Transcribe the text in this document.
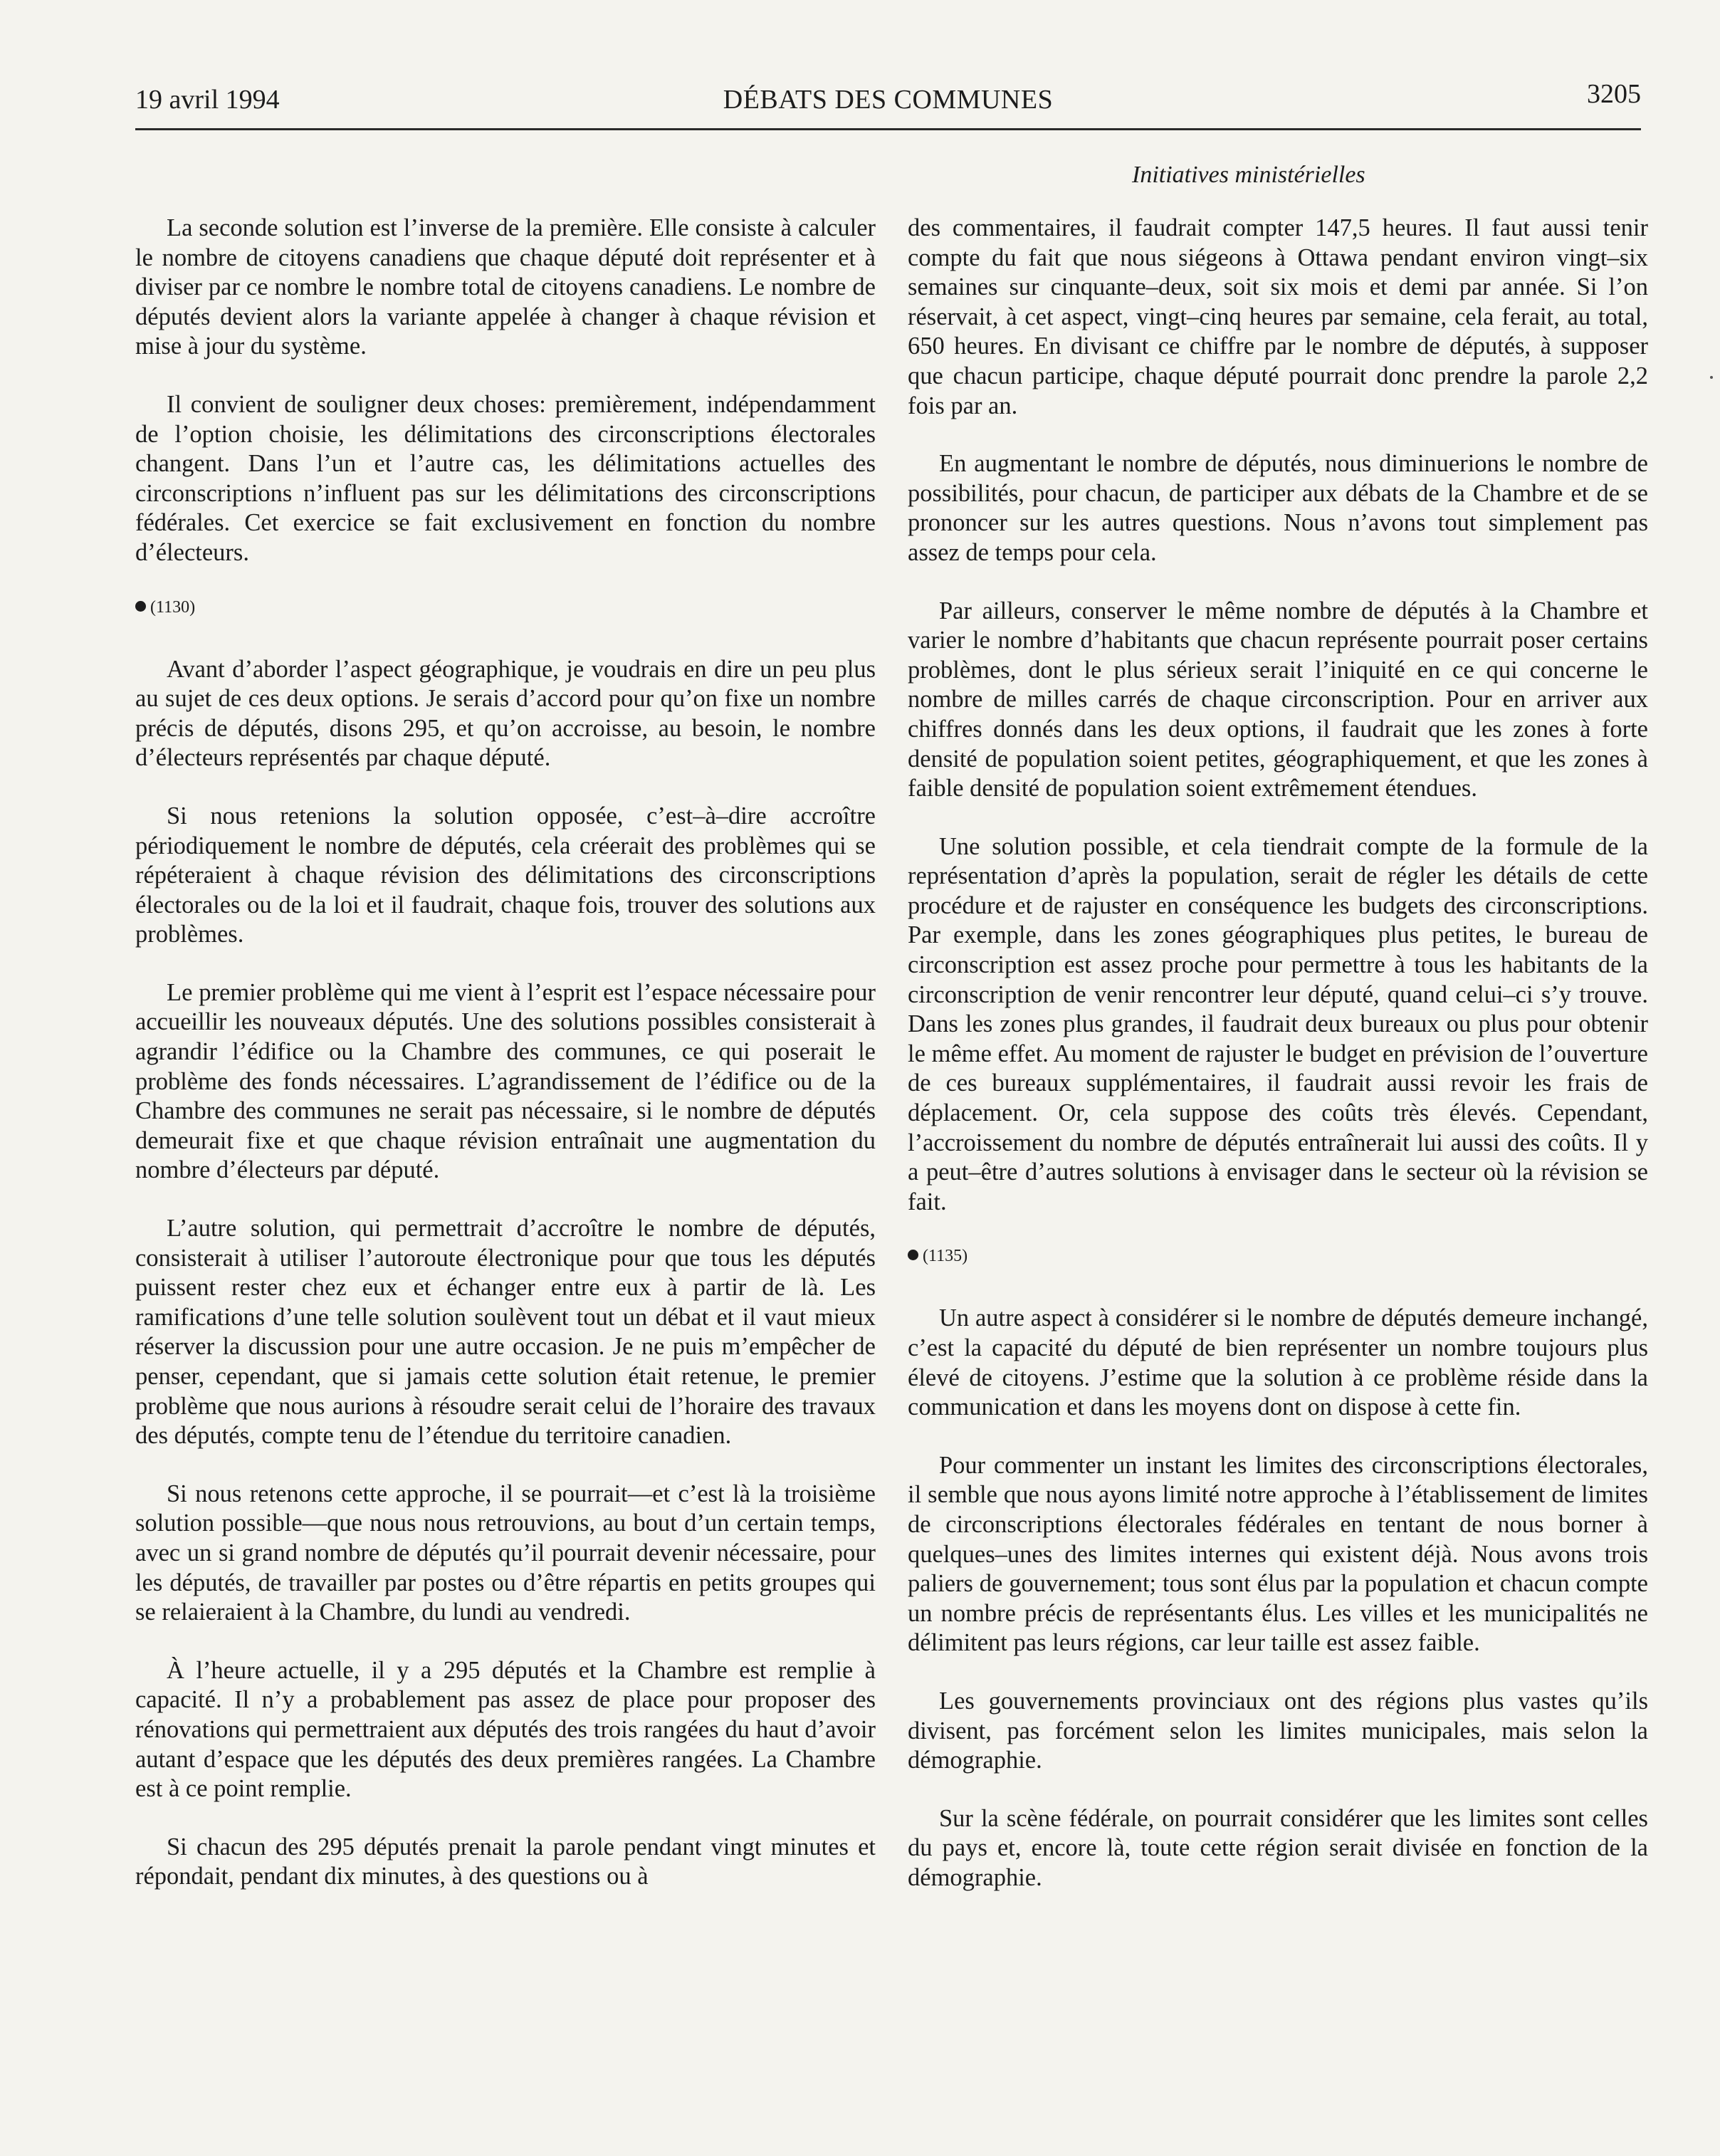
19 avril 1994	DÉBATS DES COMMUNES	3205
Initiatives ministérielles

La seconde solution est l’inverse de la première. Elle consiste à calculer le nombre de citoyens canadiens que chaque député doit représenter et à diviser par ce nombre le nombre total de citoyens canadiens. Le nombre de députés devient alors la variante appelée à changer à chaque révision et mise à jour du système.

Il convient de souligner deux choses: premièrement, indépendamment de l’option choisie, les délimitations des circonscriptions électorales changent. Dans l’un et l’autre cas, les délimitations actuelles des circonscriptions n’influent pas sur les délimitations des circonscriptions fédérales. Cet exercice se fait exclusivement en fonction du nombre d’électeurs.

(1130)

Avant d’aborder l’aspect géographique, je voudrais en dire un peu plus au sujet de ces deux options. Je serais d’accord pour qu’on fixe un nombre précis de députés, disons 295, et qu’on accroisse, au besoin, le nombre d’électeurs représentés par chaque député.

Si nous retenions la solution opposée, c’est–à–dire accroître périodiquement le nombre de députés, cela créerait des problèmes qui se répéteraient à chaque révision des délimitations des circonscriptions électorales ou de la loi et il faudrait, chaque fois, trouver des solutions aux problèmes.

Le premier problème qui me vient à l’esprit est l’espace nécessaire pour accueillir les nouveaux députés. Une des solutions possibles consisterait à agrandir l’édifice ou la Chambre des communes, ce qui poserait le problème des fonds nécessaires. L’agrandissement de l’édifice ou de la Chambre des communes ne serait pas nécessaire, si le nombre de députés demeurait fixe et que chaque révision entraînait une augmentation du nombre d’électeurs par député.

L’autre solution, qui permettrait d’accroître le nombre de députés, consisterait à utiliser l’autoroute électronique pour que tous les députés puissent rester chez eux et échanger entre eux à partir de là. Les ramifications d’une telle solution soulèvent tout un débat et il vaut mieux réserver la discussion pour une autre occasion. Je ne puis m’empêcher de penser, cependant, que si jamais cette solution était retenue, le premier problème que nous aurions à résoudre serait celui de l’horaire des travaux des députés, compte tenu de l’étendue du territoire canadien.

Si nous retenons cette approche, il se pourrait—et c’est là la troisième solution possible—que nous nous retrouvions, au bout d’un certain temps, avec un si grand nombre de députés qu’il pourrait devenir nécessaire, pour les députés, de travailler par postes ou d’être répartis en petits groupes qui se relaieraient à la Chambre, du lundi au vendredi.

À l’heure actuelle, il y a 295 députés et la Chambre est remplie à capacité. Il n’y a probablement pas assez de place pour proposer des rénovations qui permettraient aux députés des trois rangées du haut d’avoir autant d’espace que les députés des deux premières rangées. La Chambre est à ce point remplie.

Si chacun des 295 députés prenait la parole pendant vingt minutes et répondait, pendant dix minutes, à des questions ou à

des commentaires, il faudrait compter 147,5 heures. Il faut aussi tenir compte du fait que nous siégeons à Ottawa pendant environ vingt–six semaines sur cinquante–deux, soit six mois et demi par année. Si l’on réservait, à cet aspect, vingt–cinq heures par semaine, cela ferait, au total, 650 heures. En divisant ce chiffre par le nombre de députés, à supposer que chacun participe, chaque député pourrait donc prendre la parole 2,2 fois par an.

En augmentant le nombre de députés, nous diminuerions le nombre de possibilités, pour chacun, de participer aux débats de la Chambre et de se prononcer sur les autres questions. Nous n’avons tout simplement pas assez de temps pour cela.

Par ailleurs, conserver le même nombre de députés à la Chambre et varier le nombre d’habitants que chacun représente pourrait poser certains problèmes, dont le plus sérieux serait l’iniquité en ce qui concerne le nombre de milles carrés de chaque circonscription. Pour en arriver aux chiffres donnés dans les deux options, il faudrait que les zones à forte densité de population soient petites, géographiquement, et que les zones à faible densité de population soient extrêmement étendues.

Une solution possible, et cela tiendrait compte de la formule de la représentation d’après la population, serait de régler les détails de cette procédure et de rajuster en conséquence les budgets des circonscriptions. Par exemple, dans les zones géographiques plus petites, le bureau de circonscription est assez proche pour permettre à tous les habitants de la circonscription de venir rencontrer leur député, quand celui–ci s’y trouve. Dans les zones plus grandes, il faudrait deux bureaux ou plus pour obtenir le même effet. Au moment de rajuster le budget en prévision de l’ouverture de ces bureaux supplémentaires, il faudrait aussi revoir les frais de déplacement. Or, cela suppose des coûts très élevés. Cependant, l’accroissement du nombre de députés entraînerait lui aussi des coûts. Il y a peut–être d’autres solutions à envisager dans le secteur où la révision se fait.

(1135)

Un autre aspect à considérer si le nombre de députés demeure inchangé, c’est la capacité du député de bien représenter un nombre toujours plus élevé de citoyens. J’estime que la solution à ce problème réside dans la communication et dans les moyens dont on dispose à cette fin.

Pour commenter un instant les limites des circonscriptions électorales, il semble que nous ayons limité notre approche à l’établissement de limites de circonscriptions électorales fédérales en tentant de nous borner à quelques–unes des limites internes qui existent déjà. Nous avons trois paliers de gouvernement; tous sont élus par la population et chacun compte un nombre précis de représentants élus. Les villes et les municipalités ne délimitent pas leurs régions, car leur taille est assez faible.

Les gouvernements provinciaux ont des régions plus vastes qu’ils divisent, pas forcément selon les limites municipales, mais selon la démographie.

Sur la scène fédérale, on pourrait considérer que les limites sont celles du pays et, encore là, toute cette région serait divisée en fonction de la démographie.
